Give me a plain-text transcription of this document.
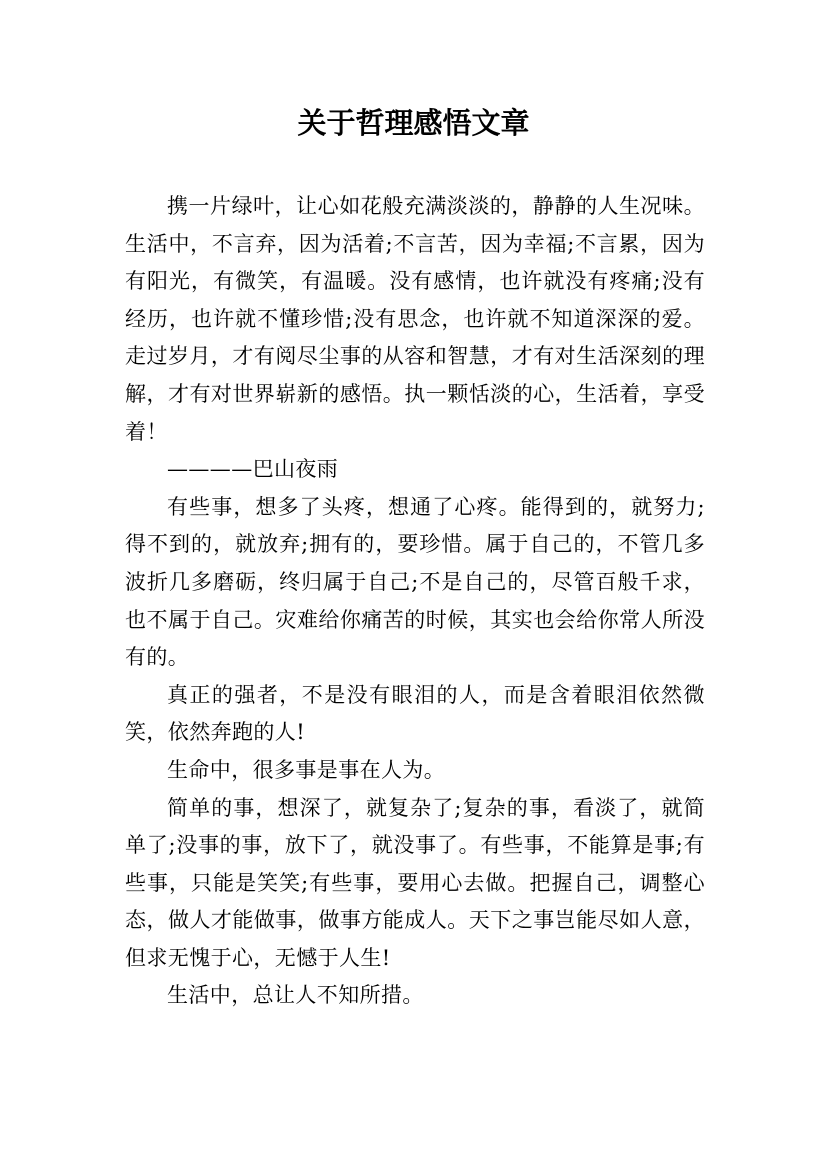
关于哲理感悟文章

携一片绿叶，让心如花般充满淡淡的，静静的人生况味。生活中，不言弃，因为活着;不言苦，因为幸福;不言累，因为有阳光，有微笑，有温暖。没有感情，也许就没有疼痛;没有经历，也许就不懂珍惜;没有思念，也许就不知道深深的爱。走过岁月，才有阅尽尘事的从容和智慧，才有对生活深刻的理解，才有对世界崭新的感悟。执一颗恬淡的心，生活着，享受着！

————巴山夜雨

有些事，想多了头疼，想通了心疼。能得到的，就努力;得不到的，就放弃;拥有的，要珍惜。属于自己的，不管几多波折几多磨砺，终归属于自己;不是自己的，尽管百般千求，也不属于自己。灾难给你痛苦的时候，其实也会给你常人所没有的。

真正的强者，不是没有眼泪的人，而是含着眼泪依然微笑，依然奔跑的人!

生命中，很多事是事在人为。

简单的事，想深了，就复杂了;复杂的事，看淡了，就简单了;没事的事，放下了，就没事了。有些事，不能算是事;有些事，只能是笑笑;有些事，要用心去做。把握自己，调整心态，做人才能做事，做事方能成人。天下之事岂能尽如人意，但求无愧于心，无憾于人生!

生活中，总让人不知所措。
